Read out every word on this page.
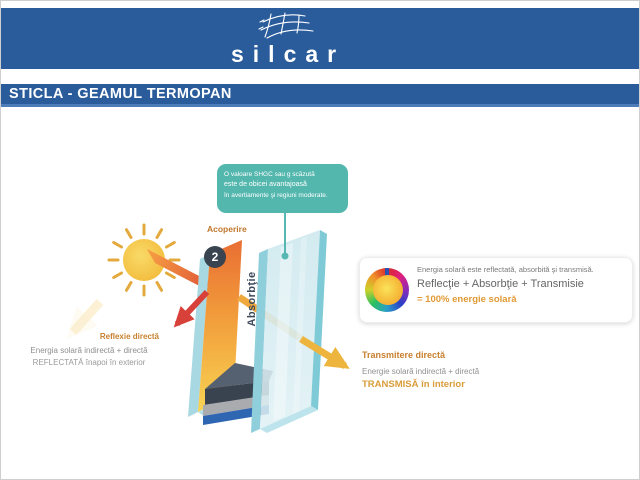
silcar
STICLA - GEAMUL TERMOPAN
O valoare SHGC sau g scăzută
este de obicei avantajoasă
în avertiamente şi regiuni moderate.
Acoperire
2
Absorbţie
Reflexie directă
Energia solară indirectă + directă
REFLECTATĂ înapoi în exterior
Transmitere directă
Energie solară indirectă + directă
TRANSMISĂ în interior
Energia solară este reflectată, absorbită şi transmisă.
Reflecţie + Absorbţie + Transmisie
= 100% energie solară
